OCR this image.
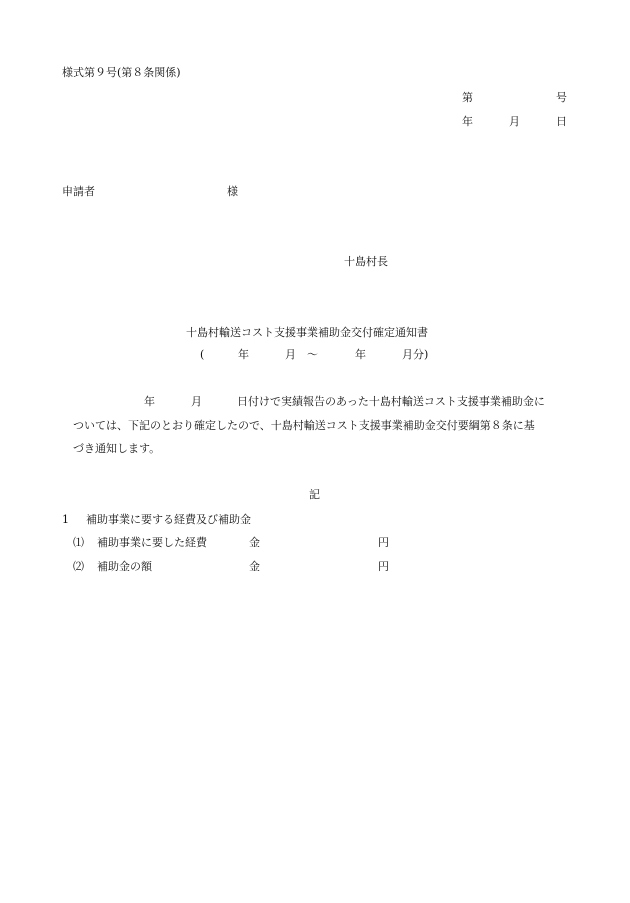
様式第９号(第８条関係)
第	号
年	月	日
申請者	様
十島村長
十島村輸送コスト支援事業補助金交付確定通知書
(	年	月 ～	年	月分)
年	月	日付けで実績報告のあった十島村輸送コスト支援事業補助金に
ついては、下記のとおり確定したので、十島村輸送コスト支援事業補助金交付要綱第８条に基
づき通知します。
記
1 補助事業に要する経費及び補助金
⑴ 補助事業に要した経費	金	円
⑵ 補助金の額	金	円
